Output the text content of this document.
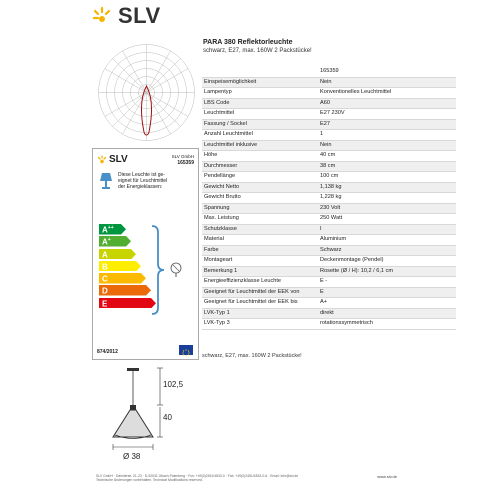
SLV
PARA 380 Reflektorleuchte
schwarz, E27, max. 160W 2 Packstücke!
165359
Einspeisemöglichkeit	Nein
Lampentyp	Konventionelles Leuchtmittel
LBS Code	A60
Leuchtmittel	E27 230V
Fassung / Sockel	E27
Anzahl Leuchtmittel	1
Leuchtmittel inklusive	Nein
Höhe	40 cm
Durchmesser	38 cm
Pendellänge	100 cm
Gewicht Netto	1,138 kg
Gewicht Brutto	1,228 kg
Spannung	230 Volt
Max. Leistung	250 Watt
Schutzklasse	I
Material	Aluminium
Farbe	Schwarz
Montageart	Deckenmontage (Pendel)
Bemerkung 1	Rosette (Ø / H): 10,2 / 6,1 cm
Energieeffizienzklasse Leuchte	E -
Geeignet für Leuchtmittel der EEK von	E
Geeignet für Leuchtmittel der EEK bis	A+
LVK-Typ 1	direkt
LVK-Typ 3	rotationssymmetrisch
SLV	SLV GmbH
165359
Diese Leuchte ist ge-
eignet für Leuchtmittel
der Energieklassen:
A++
A+
A
B
C
D
E
874/2012
schwarz, E27, max. 160W 2 Packstücke!
102,5
40
Ø 38
SLV GmbH · Daimlerstr. 21-23 · D-52531 Übach-Palenberg · Fon: +49(0)2451/4833-0 · Fax: +49(0)2451/4833-0-6 · Email: info@slv.de
Technische Änderungen vorbehalten. Technical Modifications reserved.
www.slv.de
